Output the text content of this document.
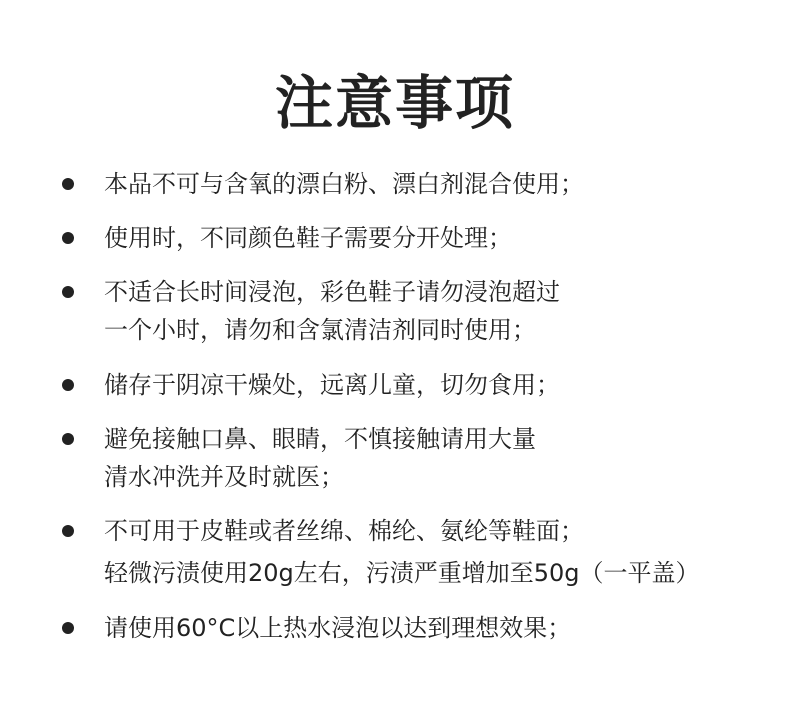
注意事项
本品不可与含氧的漂白粉、漂白剂混合使用；
使用时，不同颜色鞋子需要分开处理；
不适合长时间浸泡，彩色鞋子请勿浸泡超过
一个小时，请勿和含氯清洁剂同时使用；
储存于阴凉干燥处，远离儿童，切勿食用；
避免接触口鼻、眼睛，不慎接触请用大量
清水冲洗并及时就医；
不可用于皮鞋或者丝绵、棉纶、氨纶等鞋面；
轻微污渍使用20g左右，污渍严重增加至50g（一平盖）
请使用60°C以上热水浸泡以达到理想效果；
